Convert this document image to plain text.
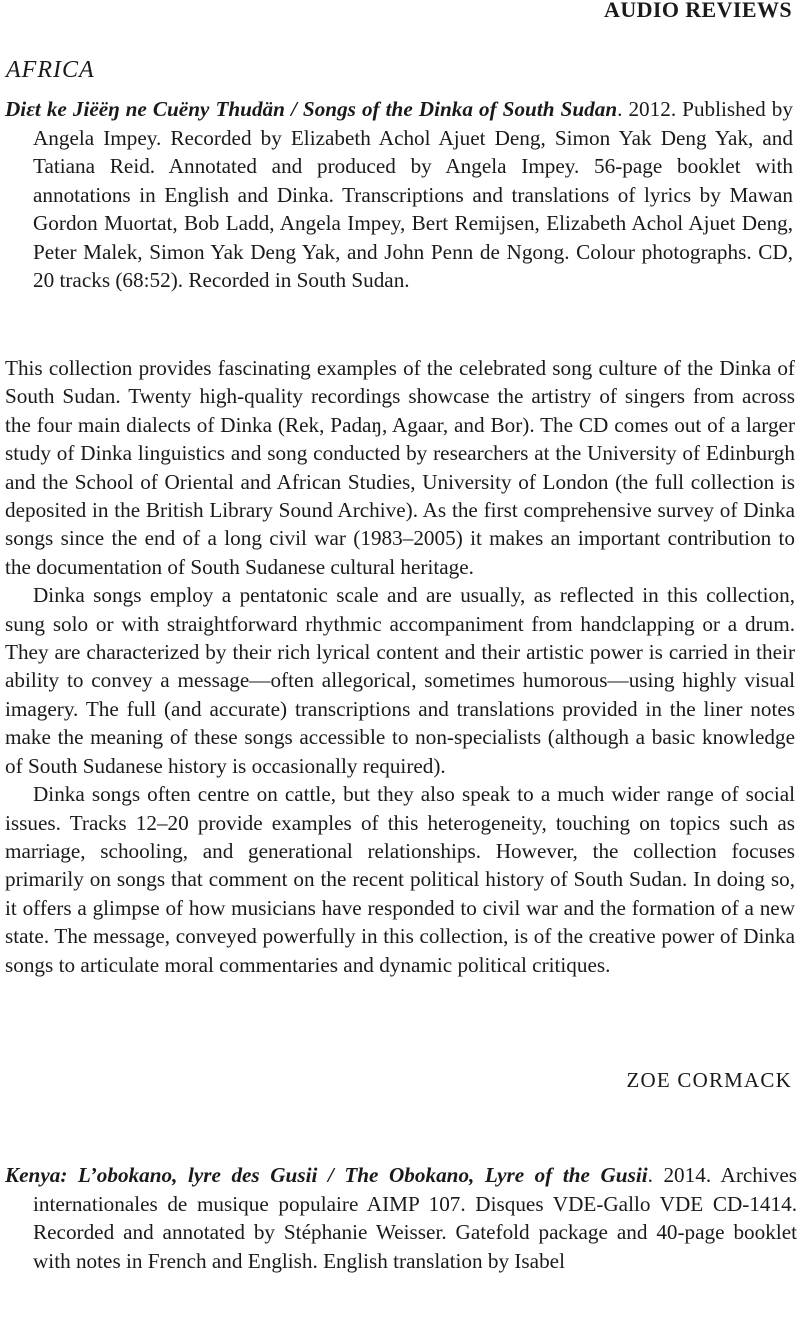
AUDIO REVIEWS
AFRICA

Diɛt ke Jiëëŋ ne Cuëny Thudän / Songs of the Dinka of South Sudan. 2012. Published by Angela Impey. Recorded by Elizabeth Achol Ajuet Deng, Simon Yak Deng Yak, and Tatiana Reid. Annotated and produced by Angela Impey. 56-page booklet with annotations in English and Dinka. Transcriptions and translations of lyrics by Mawan Gordon Muortat, Bob Ladd, Angela Impey, Bert Remijsen, Elizabeth Achol Ajuet Deng, Peter Malek, Simon Yak Deng Yak, and John Penn de Ngong. Colour photographs. CD, 20 tracks (68:52). Recorded in South Sudan.

This collection provides fascinating examples of the celebrated song culture of the Dinka of South Sudan. Twenty high-quality recordings showcase the artistry of singers from across the four main dialects of Dinka (Rek, Padaŋ, Agaar, and Bor). The CD comes out of a larger study of Dinka linguistics and song conducted by researchers at the University of Edinburgh and the School of Oriental and African Studies, University of London (the full collection is deposited in the British Library Sound Archive). As the first comprehensive survey of Dinka songs since the end of a long civil war (1983–2005) it makes an important contribution to the documentation of South Sudanese cultural heritage.

Dinka songs employ a pentatonic scale and are usually, as reflected in this collection, sung solo or with straightforward rhythmic accompaniment from handclapping or a drum. They are characterized by their rich lyrical content and their artistic power is carried in their ability to convey a message—often allegorical, sometimes humorous—using highly visual imagery. The full (and accurate) transcriptions and translations provided in the liner notes make the meaning of these songs accessible to non-specialists (although a basic knowledge of South Sudanese history is occasionally required).

Dinka songs often centre on cattle, but they also speak to a much wider range of social issues. Tracks 12–20 provide examples of this heterogeneity, touching on topics such as marriage, schooling, and generational relationships. However, the collection focuses primarily on songs that comment on the recent political history of South Sudan. In doing so, it offers a glimpse of how musicians have responded to civil war and the formation of a new state. The message, conveyed powerfully in this collection, is of the creative power of Dinka songs to articulate moral commentaries and dynamic political critiques.

ZOE CORMACK

Kenya: L’obokano, lyre des Gusii / The Obokano, Lyre of the Gusii. 2014. Archives internationales de musique populaire AIMP 107. Disques VDE-Gallo VDE CD-1414. Recorded and annotated by Stéphanie Weisser. Gatefold package and 40-page booklet with notes in French and English. English translation by Isabel
